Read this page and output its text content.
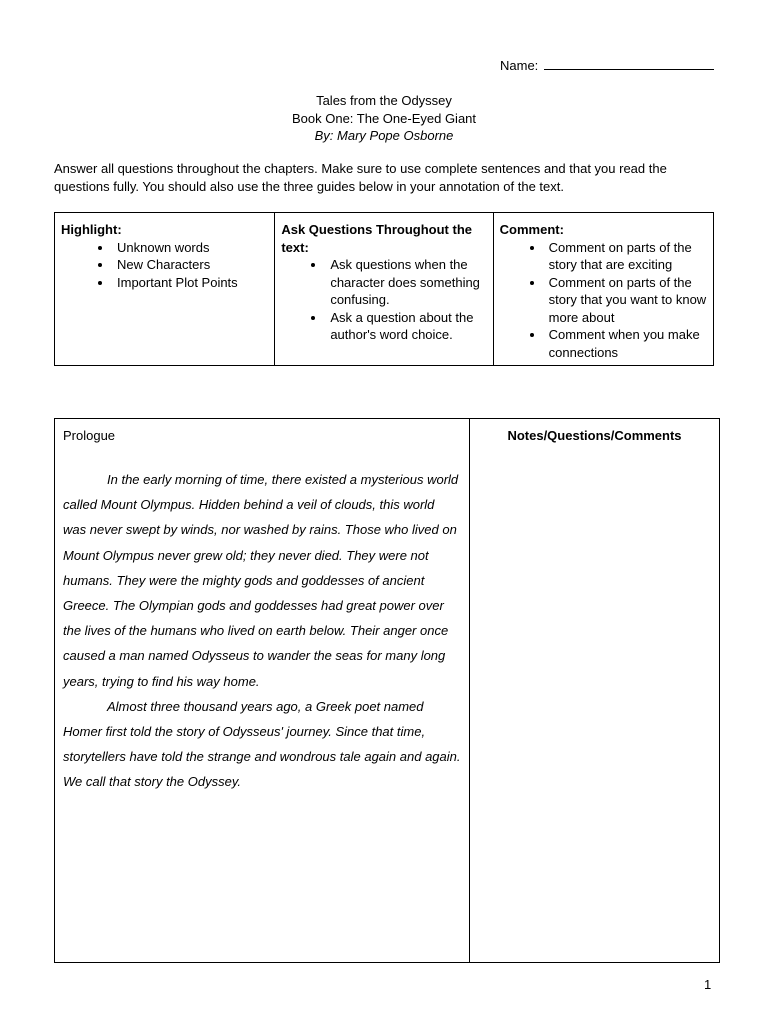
Name:
Tales from the Odyssey
Book One: The One-Eyed Giant
By: Mary Pope Osborne
Answer all questions throughout the chapters. Make sure to use complete sentences and that you read the questions fully. You should also use the three guides below in your annotation of the text.
Highlight:
• Unknown words
• New Characters
• Important Plot Points
Ask Questions Throughout the text:
• Ask questions when the character does something confusing.
• Ask a question about the author's word choice.
Comment:
• Comment on parts of the story that are exciting
• Comment on parts of the story that you want to know more about
• Comment when you make connections
Prologue

In the early morning of time, there existed a mysterious world called Mount Olympus. Hidden behind a veil of clouds, this world was never swept by winds, nor washed by rains. Those who lived on Mount Olympus never grew old; they never died. They were not humans. They were the mighty gods and goddesses of ancient Greece. The Olympian gods and goddesses had great power over the lives of the humans who lived on earth below. Their anger once caused a man named Odysseus to wander the seas for many long years, trying to find his way home.

Almost three thousand years ago, a Greek poet named Homer first told the story of Odysseus' journey. Since that time, storytellers have told the strange and wondrous tale again and again. We call that story the Odyssey.

Notes/Questions/Comments
1
